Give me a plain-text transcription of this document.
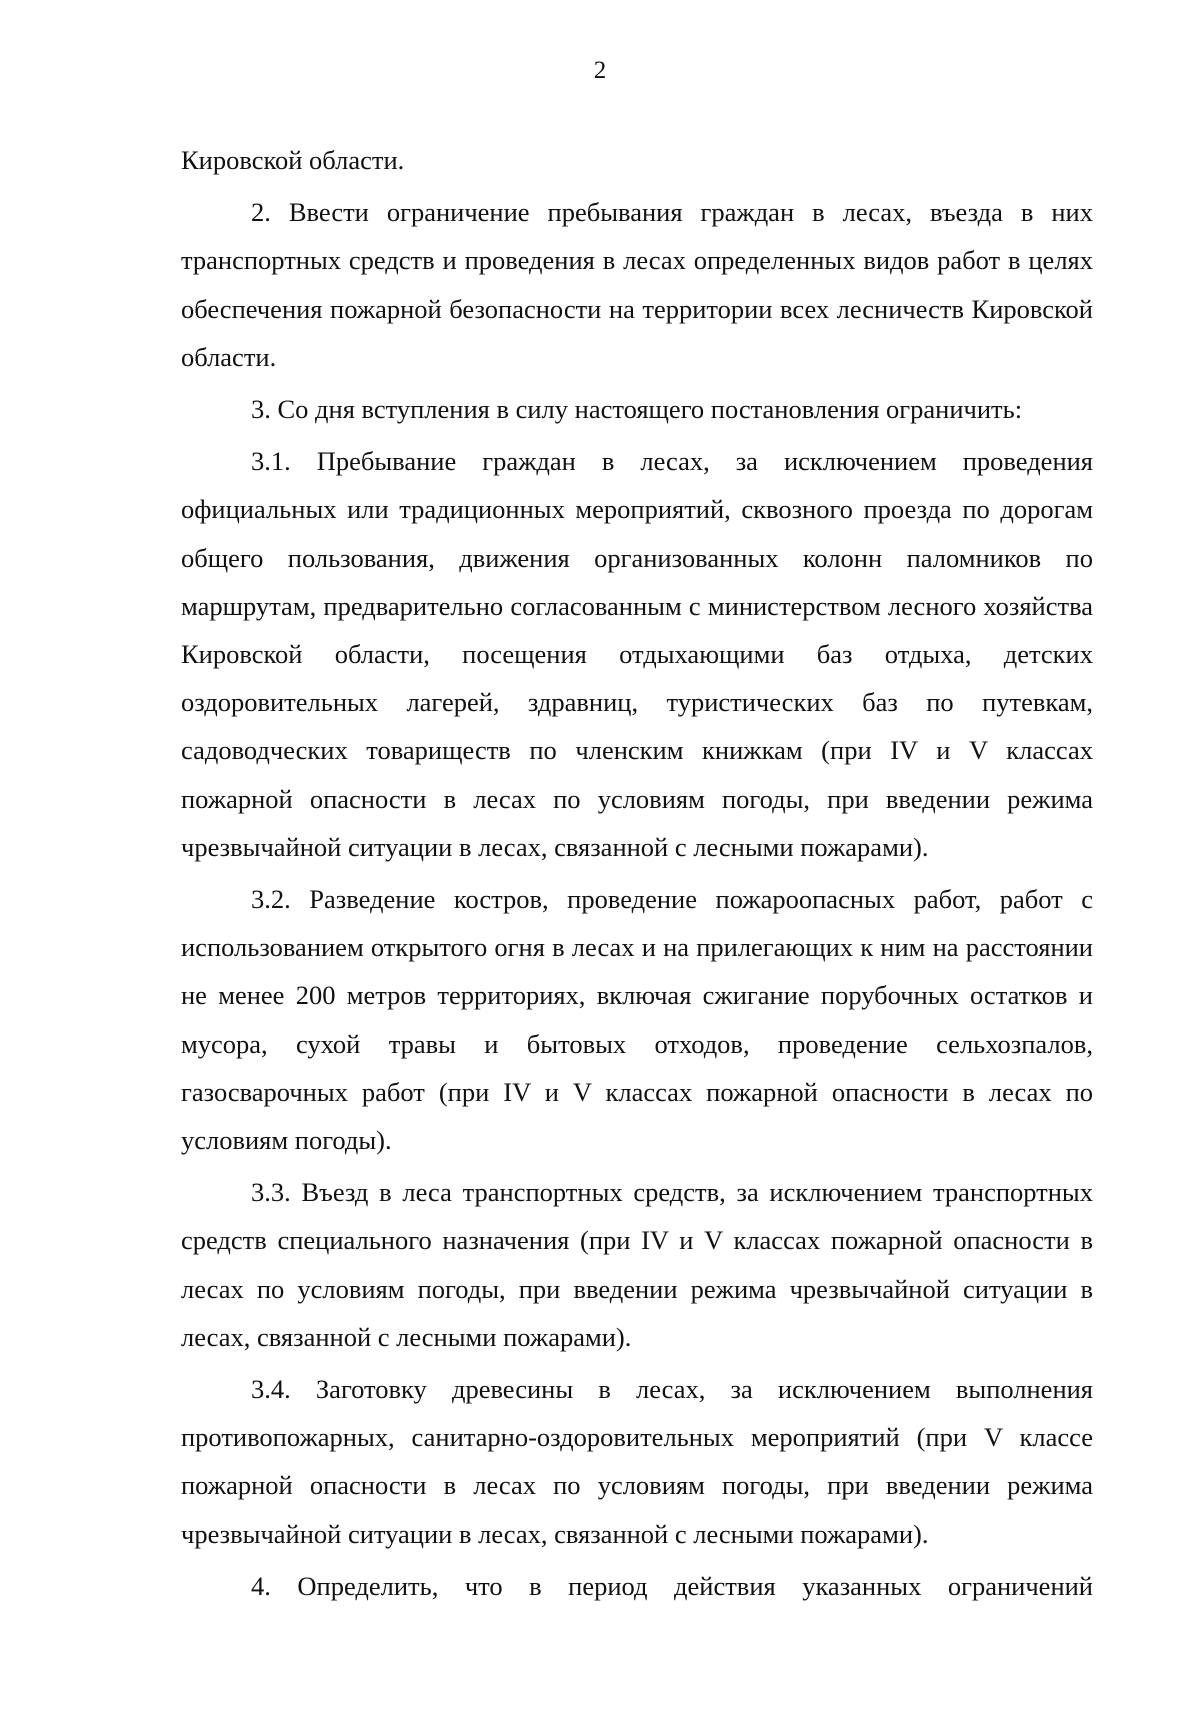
2

Кировской области.

2. Ввести ограничение пребывания граждан в лесах, въезда в них транспортных средств и проведения в лесах определенных видов работ в целях обеспечения пожарной безопасности на территории всех лесничеств Кировской области.

3. Со дня вступления в силу настоящего постановления ограничить:

3.1. Пребывание граждан в лесах, за исключением проведения официальных или традиционных мероприятий, сквозного проезда по дорогам общего пользования, движения организованных колонн паломников по маршрутам, предварительно согласованным с министерством лесного хозяйства Кировской области, посещения отдыхающими баз отдыха, детских оздоровительных лагерей, здравниц, туристических баз по путевкам, садоводческих товариществ по членским книжкам (при IV и V классах пожарной опасности в лесах по условиям погоды, при введении режима чрезвычайной ситуации в лесах, связанной с лесными пожарами).

3.2. Разведение костров, проведение пожароопасных работ, работ с использованием открытого огня в лесах и на прилегающих к ним на расстоянии не менее 200 метров территориях, включая сжигание порубочных остатков и мусора, сухой травы и бытовых отходов, проведение сельхозпалов, газосварочных работ (при IV и V классах пожарной опасности в лесах по условиям погоды).

3.3. Въезд в леса транспортных средств, за исключением транспортных средств специального назначения (при IV и V классах пожарной опасности в лесах по условиям погоды, при введении режима чрезвычайной ситуации в лесах, связанной с лесными пожарами).

3.4. Заготовку древесины в лесах, за исключением выполнения противопожарных, санитарно-оздоровительных мероприятий (при V классе пожарной опасности в лесах по условиям погоды, при введении режима чрезвычайной ситуации в лесах, связанной с лесными пожарами).

4. Определить, что в период действия указанных ограничений
